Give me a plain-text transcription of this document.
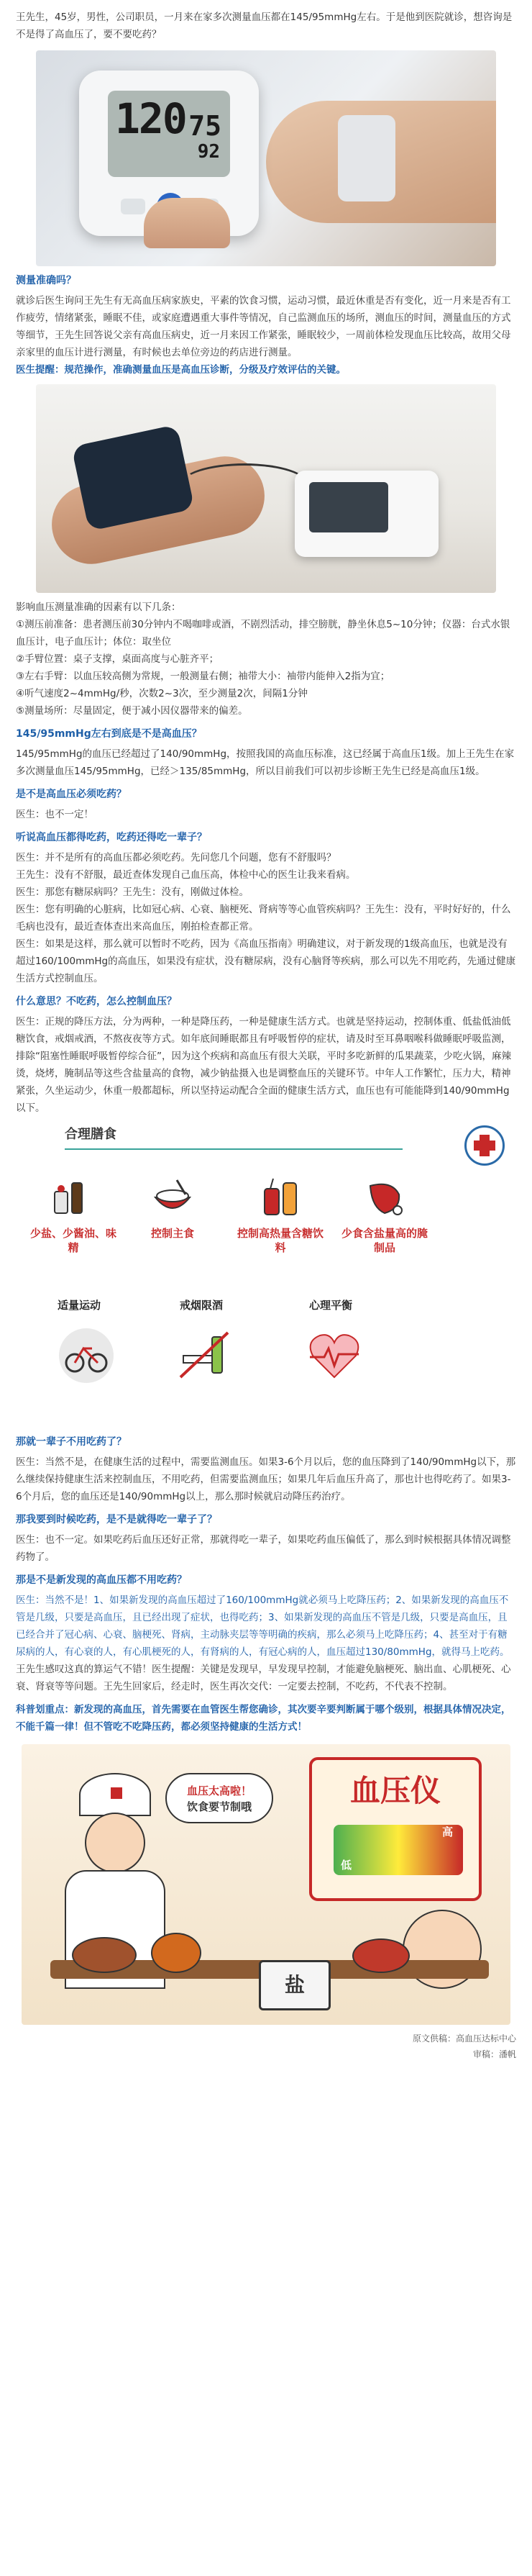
王先生，45岁，男性，公司职员，一月来在家多次测量血压都在145/95mmHg左右。于是他到医院就诊，想咨询是不是得了高血压了，要不要吃药？

120 75
92
测量准确吗？

就诊后医生询问王先生有无高血压病家族史，平素的饮食习惯，运动习惯，最近休重是否有变化，近一月来是否有工作疲劳，情绪紧张，睡眠不佳，或家庭遭遇重大事件等情况，自己监测血压的场所，测血压的时间，测量血压的方式等细节，王先生回答说父亲有高血压病史，近一月来因工作紧张，睡眠较少，一周前体检发现血压比较高，故用父母亲家里的血压计进行测量，有时候也去单位旁边的药店进行测量。

医生提醒：规范操作，准确测量血压是高血压诊断，分级及疗效评估的关键。

影响血压测量准确的因素有以下几条：

①测压前准备：患者测压前30分钟内不喝咖啡或酒，不剧烈活动，排空膀胱，静坐休息5~10分钟；仪器：台式水银血压计，电子血压计；体位：取坐位

②手臂位置：桌子支撑，桌面高度与心脏齐平；

③左右手臂：以血压较高侧为常规，一般测量右侧；袖带大小：袖带内能伸入2指为宜；

④听气速度2~4mmHg/秒，次数2~3次，至少测量2次，间隔1分钟

⑤测量场所：尽量固定，便于减小因仪器带来的偏差。

145/95mmHg左右到底是不是高血压？

145/95mmHg的血压已经超过了140/90mmHg，按照我国的高血压标准，这已经属于高血压1级。加上王先生在家多次测量血压145/95mmHg，已经＞135/85mmHg，所以目前我们可以初步诊断王先生已经是高血压1级。

是不是高血压必须吃药？

医生：也不一定！

听说高血压都得吃药，吃药还得吃一辈子？

医生：并不是所有的高血压都必须吃药。先问您几个问题，您有不舒服吗？

王先生：没有不舒服，最近查体发现自己血压高，体检中心的医生让我来看病。

医生：那您有糖尿病吗？王先生：没有，刚做过体检。

医生：您有明确的心脏病，比如冠心病、心衰、脑梗死、肾病等等心血管疾病吗？王先生：没有，平时好好的，什么毛病也没有，最近查体查出来高血压，刚拍检查都正常。

医生：如果是这样，那么就可以暂时不吃药，因为《高血压指南》明确建议，对于新发现的1级高血压，也就是没有超过160/100mmHg的高血压，如果没有症状，没有糖尿病，没有心脑肾等疾病，那么可以先不用吃药，先通过健康生活方式控制血压。

什么意思？不吃药，怎么控制血压？

医生：正规的降压方法，分为两种，一种是降压药，一种是健康生活方式。也就是坚持运动，控制体重、低盐低油低糖饮食，戒烟戒酒，不熬夜夜等方式。如年底间睡眠都且有呼吸暂停的症状，请及时至耳鼻咽喉科做睡眠呼吸监测，排除“阻塞性睡眠呼吸暂停综合征”，因为这个疾病和高血压有很大关联，平时多吃新鲜的瓜果蔬菜，少吃火锅，麻辣烫，烧烤，腌制品等这些含盐量高的食物，减少钠盐摄入也是调整血压的关键环节。中年人工作繁忙，压力大，精神紧张，久坐运动少，休重一般都超标，所以坚持运动配合全面的健康生活方式，血压也有可能能降到140/90mmHg以下。

合理膳食
少盐、少酱油、味精
控制主食	控制高热量含糖饮料
少食含盐量高的腌制品
适量运动	戒烟限酒	心理平衡
那就一辈子不用吃药了？

医生：当然不是，在健康生活的过程中，需要监测血压。如果3-6个月以后，您的血压降到了140/90mmHg以下，那么继续保持健康生活来控制血压，不用吃药，但需要监测血压；如果几年后血压升高了，那也计也得吃药了。如果3-6个月后，您的血压还是140/90mmHg以上，那么那时候就启动降压药治疗。

那我要到时候吃药，是不是就得吃一辈子了？

医生：也不一定。如果吃药后血压还好正常，那就得吃一辈子，如果吃药血压偏低了，那么到时候根据具体情况调整药物了。

那是不是新发现的高血压都不用吃药？

医生：当然不是！1、如果新发现的高血压超过了160/100mmHg就必须马上吃降压药；2、如果新发现的高血压不管是几级，只要是高血压，且已经出现了症状，也得吃药；3、如果新发现的高血压不管是几级，只要是高血压，且已经合并了冠心病、心衰、脑梗死、肾病，主动脉夹层等等明确的疾病，那么必须马上吃降压药；4、甚至对于有糖尿病的人，有心衰的人，有心肌梗死的人，有肾病的人，有冠心病的人，血压超过130/80mmHg，就得马上吃药。

王先生感叹这真的算运气不错！医生提醒：关键是发现早，早发现早控制，才能避免脑梗死、脑出血、心肌梗死、心衰、肾衰等等问题。王先生回家后，经走时，医生再次交代：一定要去控制，不吃药，不代表不控制。

科普划重点：新发现的高血压，首先需要在血管医生帮您确诊，其次要辛要判断属于哪个级别，根据具体情况决定，不能千篇一律！但不管吃不吃降压药，都必须坚持健康的生活方式！

血压仪
高
低
血压太高啦！
饮食要节制哦
盐

原文供稿：高血压达标中心

审稿：潘帆
